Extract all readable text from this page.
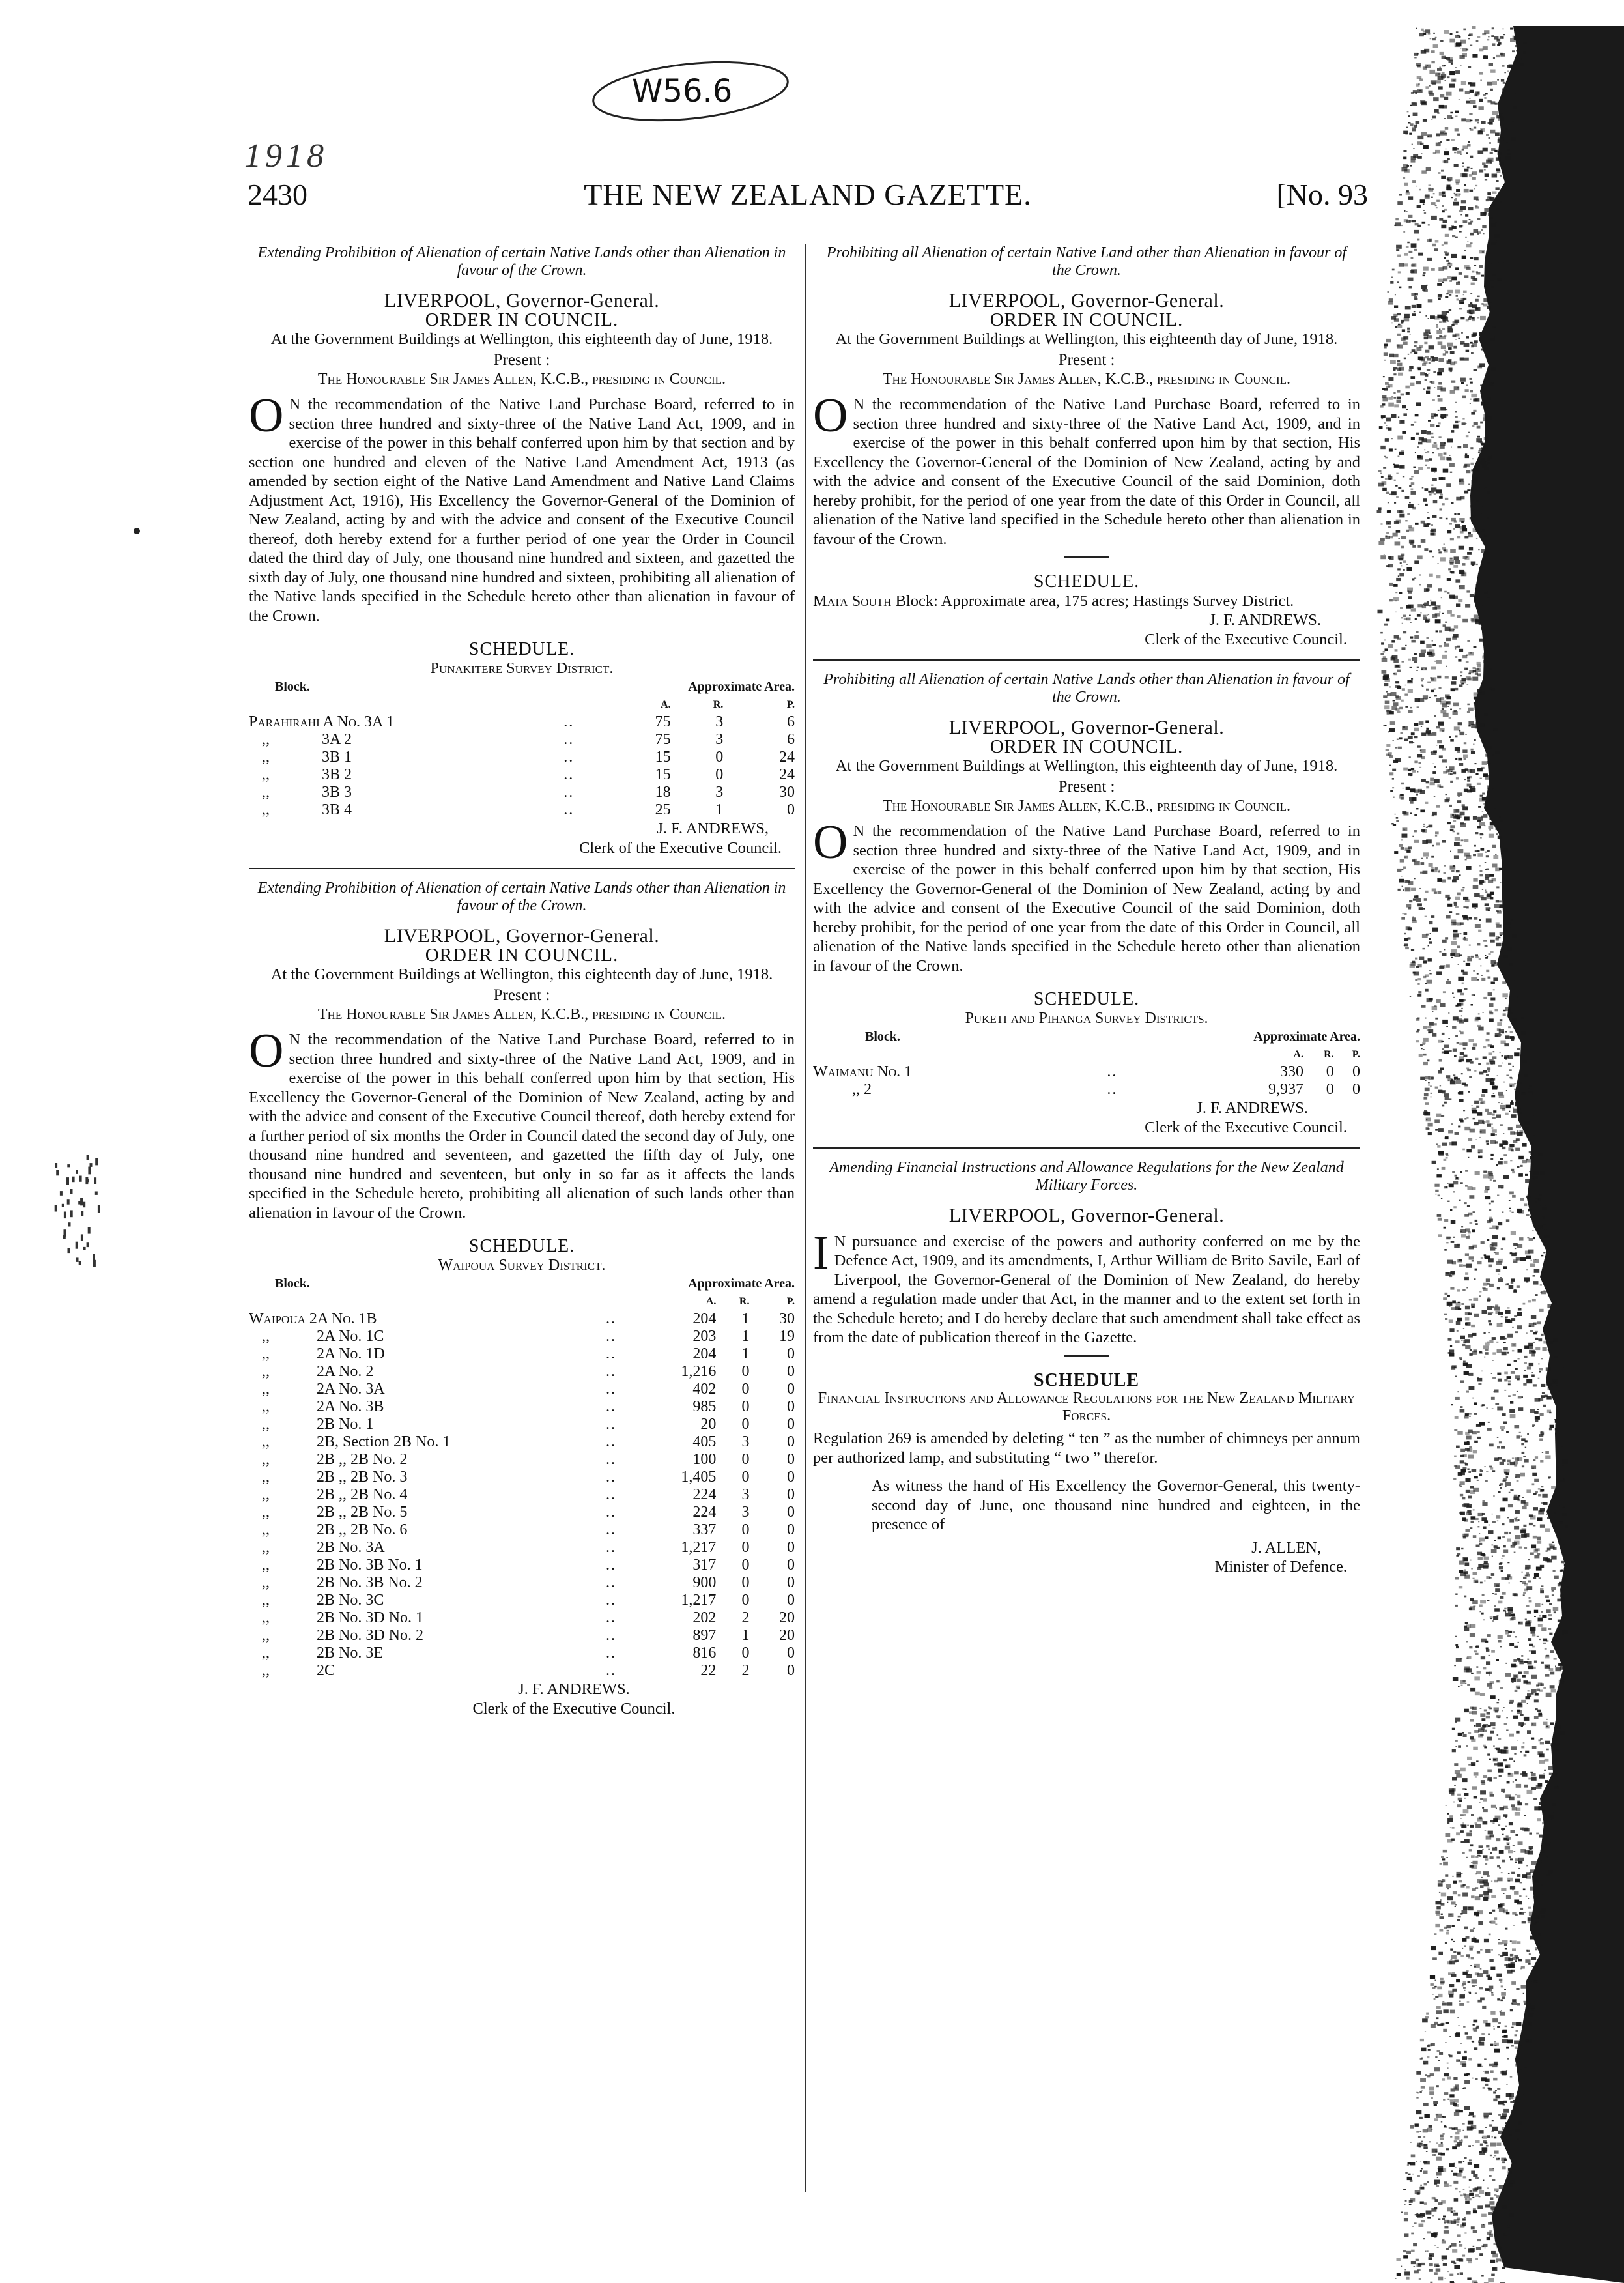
W56.6
1918
THE NEW ZEALAND GAZETTE.
2430	[No. 93
Extending Prohibition of Alienation of certain Native Lands other than Alienation in favour of the Crown.
LIVERPOOL, Governor-General.
ORDER IN COUNCIL.
At the Government Buildings at Wellington, this eighteenth day of June, 1918.
Present :
The Honourable Sir James Allen, K.C.B., presiding in Council.
O N the recommendation of the Native Land Purchase Board, referred to in section three hundred and sixty-three of the Native Land Act, 1909, and in exercise of the power in this behalf conferred upon him by that section and by section one hundred and eleven of the Native Land Amendment Act, 1913 (as amended by section eight of the Native Land Amendment and Native Land Claims Adjustment Act, 1916), His Excellency the Governor-General of the Dominion of New Zealand, acting by and with the advice and consent of the Executive Council thereof, doth hereby extend for a further period of one year the Order in Council dated the third day of July, one thousand nine hundred and sixteen, and gazetted the sixth day of July, one thousand nine hundred and sixteen, prohibiting all alienation of the Native lands specified in the Schedule hereto other than alienation in favour of the Crown.
SCHEDULE.
Punakitere Survey District.
Block.	Approximate Area.			
		A.	R.	P.
Parahirahi A No. 3A 1	..	75	3	6
,, 3A 2	..	75	3	6
,, 3B 1	..	15	0	24
,, 3B 2	..	15	0	24
,, 3B 3	..	18	3	30
,, 3B 4	..	25	1	0
J. F. ANDREWS,
Clerk of the Executive Council.
Extending Prohibition of Alienation of certain Native Lands other than Alienation in favour of the Crown.
LIVERPOOL, Governor-General.
ORDER IN COUNCIL.
At the Government Buildings at Wellington, this eighteenth day of June, 1918.
Present :
The Honourable Sir James Allen, K.C.B., presiding in Council.
O N the recommendation of the Native Land Purchase Board, referred to in section three hundred and sixty-three of the Native Land Act, 1909, and in exercise of the power in this behalf conferred upon him by that section, His Excellency the Governor-General of the Dominion of New Zealand, acting by and with the advice and consent of the Executive Council thereof, doth hereby extend for a further period of six months the Order in Council dated the second day of July, one thousand nine hundred and seventeen, and gazetted the fifth day of July, one thousand nine hundred and seventeen, but only in so far as it affects the lands specified in the Schedule hereto, prohibiting all alienation of such lands other than alienation in favour of the Crown.
SCHEDULE.
Waipoua Survey District.
Block.	Approximate Area.			
		A.	R.	P.
Waipoua 2A No. 1B	..	204	1	30
,, 2A No. 1C	..	203	1	19
,, 2A No. 1D	..	204	1	0
,, 2A No. 2	..	1,216	0	0
,, 2A No. 3A	..	402	0	0
,, 2A No. 3B	..	985	0	0
,, 2B No. 1	..	20	0	0
,, 2B, Section 2B No. 1	..	405	3	0
,, 2B ,, 2B No. 2	..	100	0	0
,, 2B ,, 2B No. 3	..	1,405	0	0
,, 2B ,, 2B No. 4	..	224	3	0
,, 2B ,, 2B No. 5	..	224	3	0
,, 2B ,, 2B No. 6	..	337	0	0
,, 2B No. 3A	..	1,217	0	0
,, 2B No. 3B No. 1	..	317	0	0
,, 2B No. 3B No. 2	..	900	0	0
,, 2B No. 3C	..	1,217	0	0
,, 2B No. 3D No. 1	..	202	2	20
,, 2B No. 3D No. 2	..	897	1	20
,, 2B No. 3E	..	816	0	0
,, 2C	..	22	2	0
J. F. ANDREWS.
Clerk of the Executive Council.
Prohibiting all Alienation of certain Native Land other than Alienation in favour of the Crown.
LIVERPOOL, Governor-General.
ORDER IN COUNCIL.
At the Government Buildings at Wellington, this eighteenth day of June, 1918.
Present :
The Honourable Sir James Allen, K.C.B., presiding in Council.
O N the recommendation of the Native Land Purchase Board, referred to in section three hundred and sixty-three of the Native Land Act, 1909, and in exercise of the power in this behalf conferred upon him by that section, His Excellency the Governor-General of the Dominion of New Zealand, acting by and with the advice and consent of the Executive Council of the said Dominion, doth hereby prohibit, for the period of one year from the date of this Order in Council, all alienation of the Native land specified in the Schedule hereto other than alienation in favour of the Crown.
SCHEDULE.
Mata South Block: Approximate area, 175 acres; Hastings Survey District.
J. F. ANDREWS.
Clerk of the Executive Council.
Prohibiting all Alienation of certain Native Lands other than Alienation in favour of the Crown.
LIVERPOOL, Governor-General.
ORDER IN COUNCIL.
At the Government Buildings at Wellington, this eighteenth day of June, 1918.
Present :
The Honourable Sir James Allen, K.C.B., presiding in Council.
O N the recommendation of the Native Land Purchase Board, referred to in section three hundred and sixty-three of the Native Land Act, 1909, and in exercise of the power in this behalf conferred upon him by that section, His Excellency the Governor-General of the Dominion of New Zealand, acting by and with the advice and consent of the Executive Council of the said Dominion, doth hereby prohibit, for the period of one year from the date of this Order in Council, all alienation of the Native lands specified in the Schedule hereto other than alienation in favour of the Crown.
SCHEDULE.
Puketi and Pihanga Survey Districts.
Block.	Approximate Area.			
		A.	R.	P.
Waimanu No. 1	..	330	0	0
,, 2	..	9,937	0	0
J. F. ANDREWS.
Clerk of the Executive Council.
Amending Financial Instructions and Allowance Regulations for the New Zealand Military Forces.
LIVERPOOL, Governor-General.
I N pursuance and exercise of the powers and authority conferred on me by the Defence Act, 1909, and its amendments, I, Arthur William de Brito Savile, Earl of Liverpool, the Governor-General of the Dominion of New Zealand, do hereby amend a regulation made under that Act, in the manner and to the extent set forth in the Schedule hereto; and I do hereby declare that such amendment shall take effect as from the date of publication thereof in the Gazette.
SCHEDULE
Financial Instructions and Allowance Regulations for the New Zealand Military Forces.
Regulation 269 is amended by deleting “ ten ” as the number of chimneys per annum per authorized lamp, and substituting “ two ” therefor.
As witness the hand of His Excellency the Governor-General, this twenty-second day of June, one thousand nine hundred and eighteen, in the presence of
J. ALLEN,
Minister of Defence.
